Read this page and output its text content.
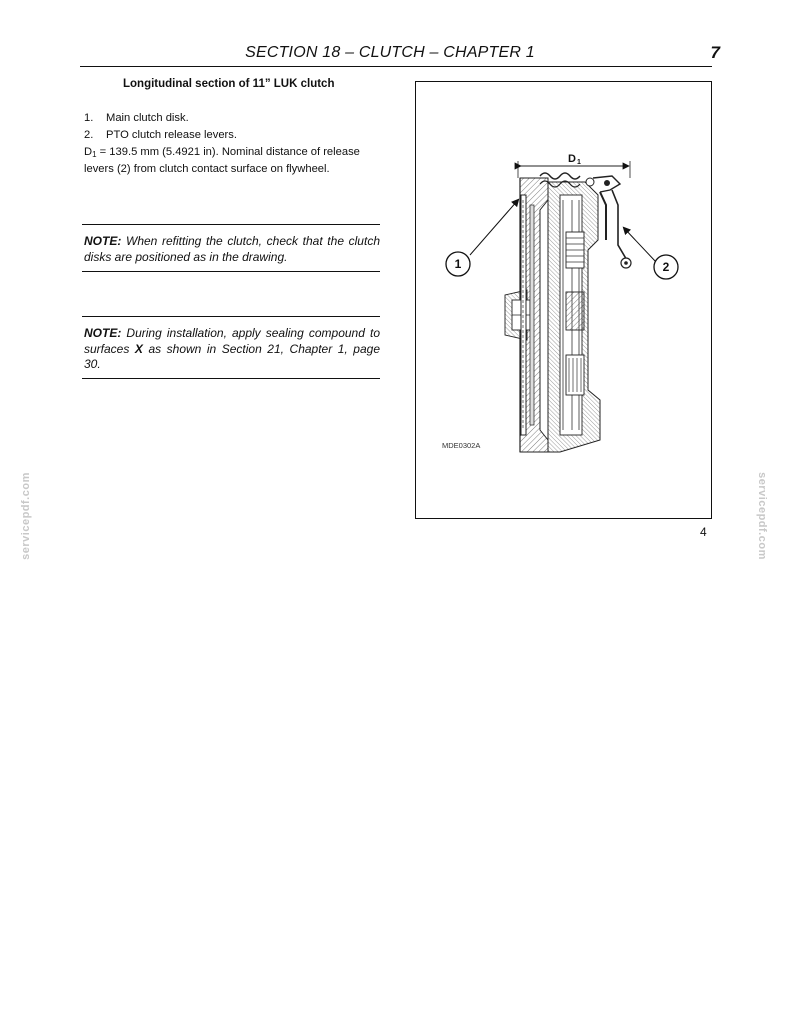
SECTION 18 – CLUTCH – CHAPTER 1	7
Longitudinal section of 11” LUK clutch
1. Main clutch disk.
2. PTO clutch release levers.
$D_1 = 139.5$ mm (5.4921 in). Nominal distance of release levers (2) from clutch contact surface on flywheel.
NOTE: When refitting the clutch, check that the clutch disks are positioned as in the drawing.
NOTE: During installation, apply sealing compound to surfaces X as shown in Section 21, Chapter 1, page 30.
D 1
1	2
MDE0302A
4
servicepdf.com	servicepdf.com
